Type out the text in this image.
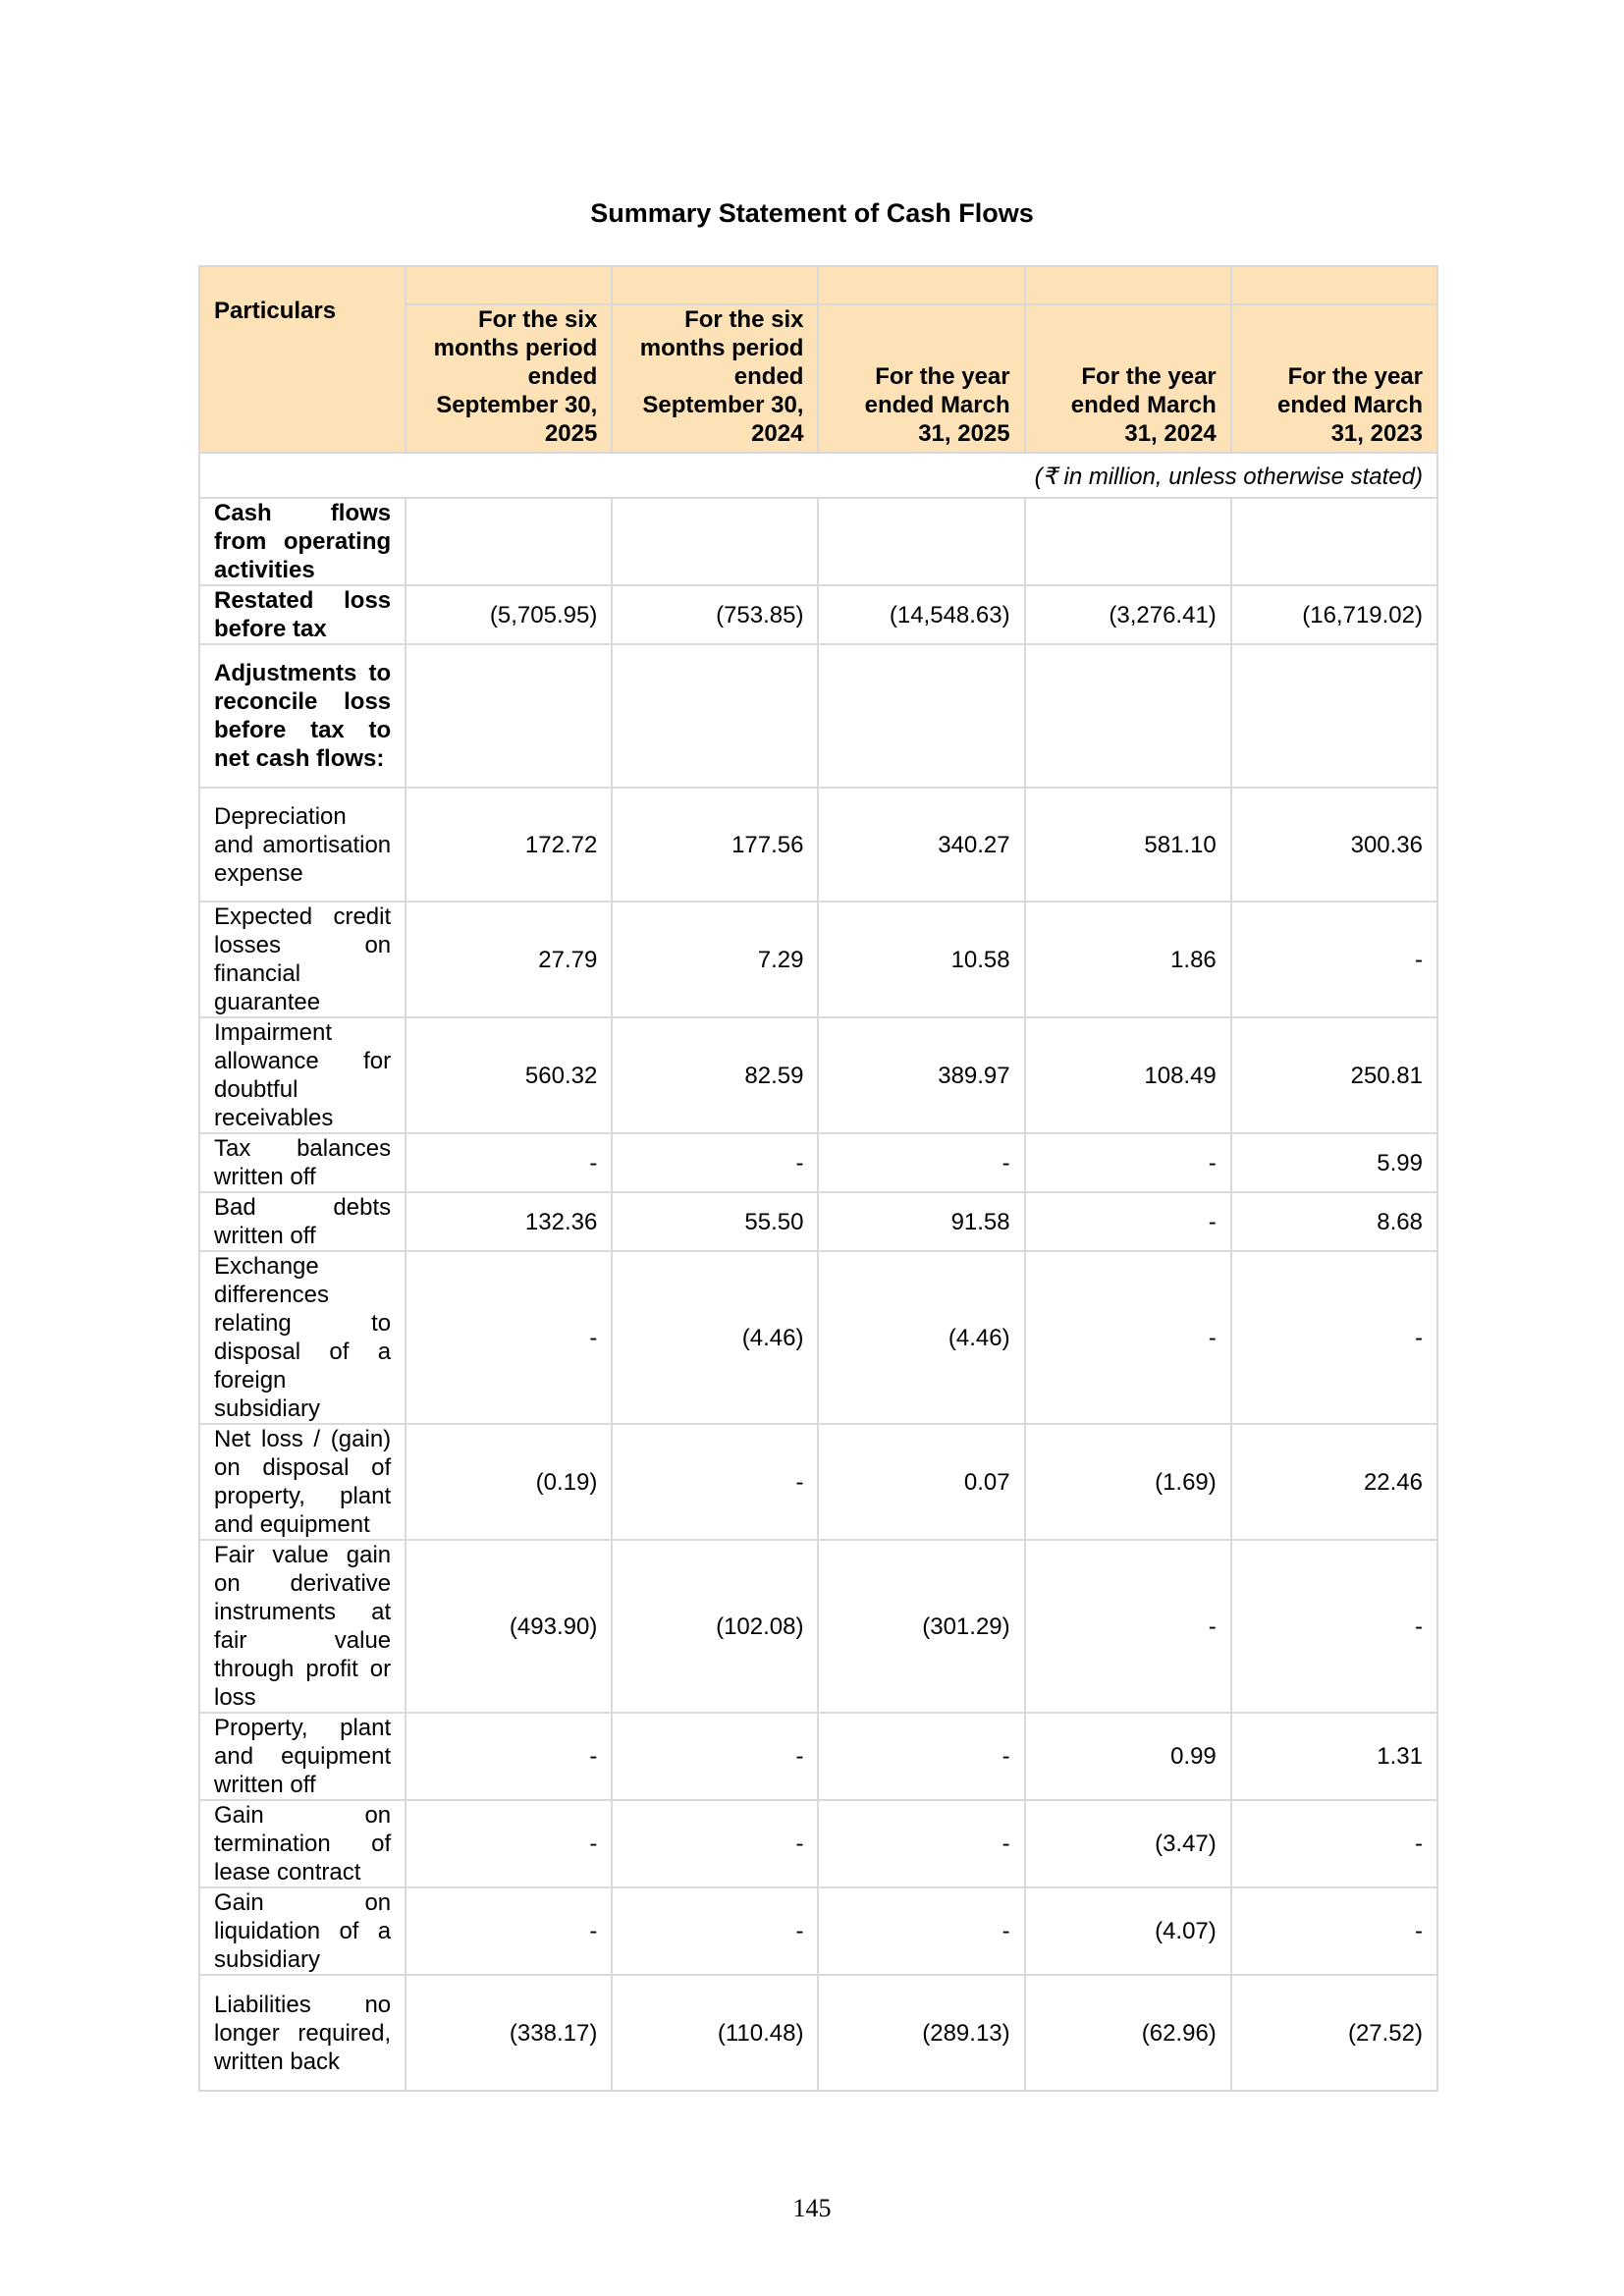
Summary Statement of Cash Flows
Particulars					
	For the six months period ended September 30, 2025	For the six months period ended September 30, 2024	For the year ended March 31, 2025	For the year ended March 31, 2024	For the year ended March 31, 2023
(₹ in million, unless otherwise stated)					
Cash flows from operating activities					
Restated loss before tax	(5,705.95)	(753.85)	(14,548.63)	(3,276.41)	(16,719.02)
Adjustments to reconcile loss before tax to net cash flows:					
Depreciation and amortisation expense	172.72	177.56	340.27	581.10	300.36
Expected credit losses on financial guarantee	27.79	7.29	10.58	1.86	-
Impairment allowance for doubtful receivables	560.32	82.59	389.97	108.49	250.81
Tax balances written off	-	-	-	-	5.99
Bad debts written off	132.36	55.50	91.58	-	8.68
Exchange differences relating to disposal of a foreign subsidiary	-	(4.46)	(4.46)	-	-
Net loss / (gain) on disposal of property, plant and equipment	(0.19)	-	0.07	(1.69)	22.46
Fair value gain on derivative instruments at fair value through profit or loss	(493.90)	(102.08)	(301.29)	-	-
Property, plant and equipment written off	-	-	-	0.99	1.31
Gain on termination of lease contract	-	-	-	(3.47)	-
Gain on liquidation of a subsidiary	-	-	-	(4.07)	-
Liabilities no longer required, written back	(338.17)	(110.48)	(289.13)	(62.96)	(27.52)
145
